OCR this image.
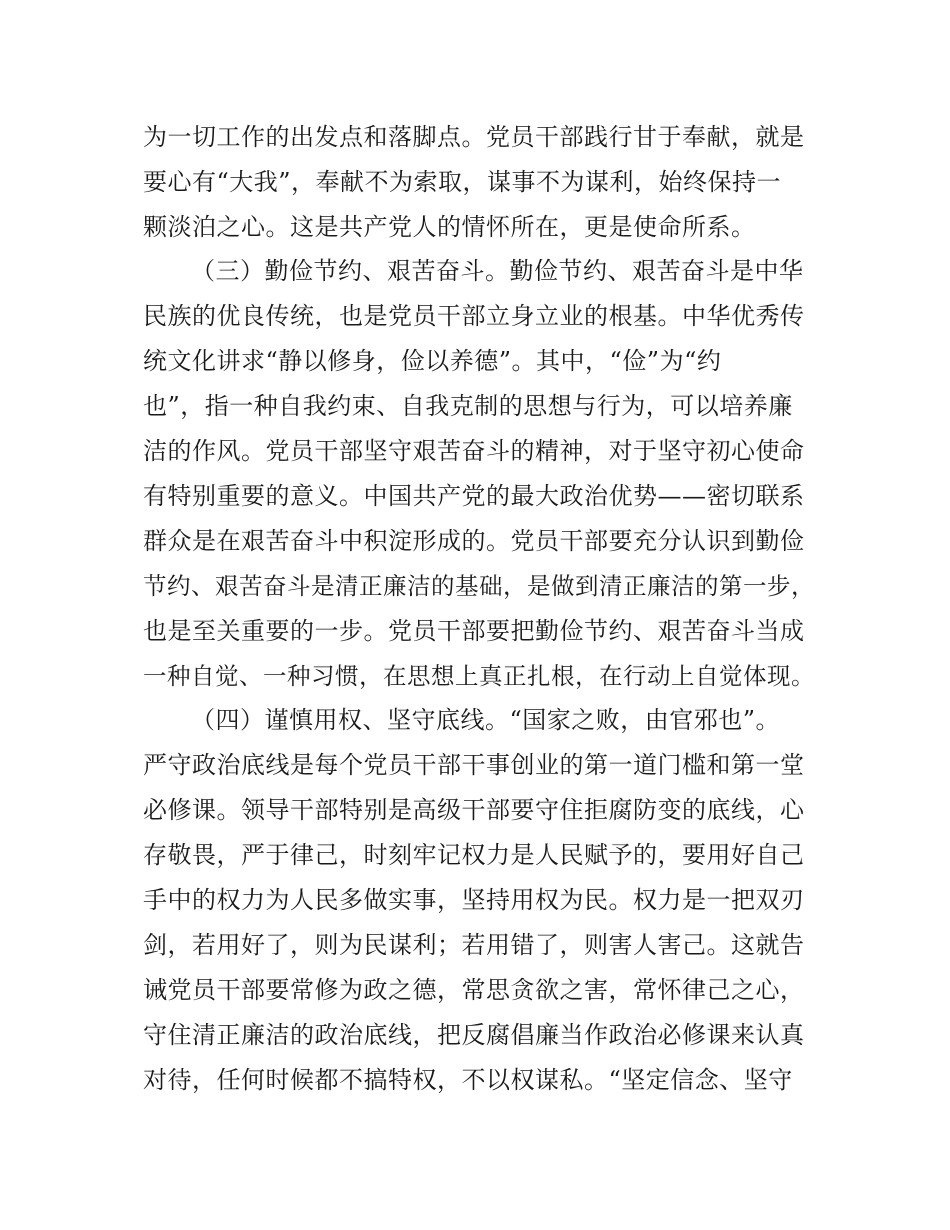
为一切工作的出发点和落脚点。党员干部践行甘于奉献，就是
要心有“大我”，奉献不为索取，谋事不为谋利，始终保持一
颗淡泊之心。这是共产党人的情怀所在，更是使命所系。
（三）勤俭节约、艰苦奋斗。勤俭节约、艰苦奋斗是中华
民族的优良传统，也是党员干部立身立业的根基。中华优秀传
统文化讲求“静以修身，俭以养德”。其中，“俭”为“约
也”，指一种自我约束、自我克制的思想与行为，可以培养廉
洁的作风。党员干部坚守艰苦奋斗的精神，对于坚守初心使命
有特别重要的意义。中国共产党的最大政治优势——密切联系
群众是在艰苦奋斗中积淀形成的。党员干部要充分认识到勤俭
节约、艰苦奋斗是清正廉洁的基础，是做到清正廉洁的第一步，
也是至关重要的一步。党员干部要把勤俭节约、艰苦奋斗当成
一种自觉、一种习惯，在思想上真正扎根，在行动上自觉体现。
（四）谨慎用权、坚守底线。“国家之败，由官邪也”。
严守政治底线是每个党员干部干事创业的第一道门槛和第一堂
必修课。领导干部特别是高级干部要守住拒腐防变的底线，心
存敬畏，严于律己，时刻牢记权力是人民赋予的，要用好自己
手中的权力为人民多做实事，坚持用权为民。权力是一把双刃
剑，若用好了，则为民谋利；若用错了，则害人害己。这就告
诫党员干部要常修为政之德，常思贪欲之害，常怀律己之心，
守住清正廉洁的政治底线，把反腐倡廉当作政治必修课来认真
对待，任何时候都不搞特权，不以权谋私。“坚定信念、坚守
